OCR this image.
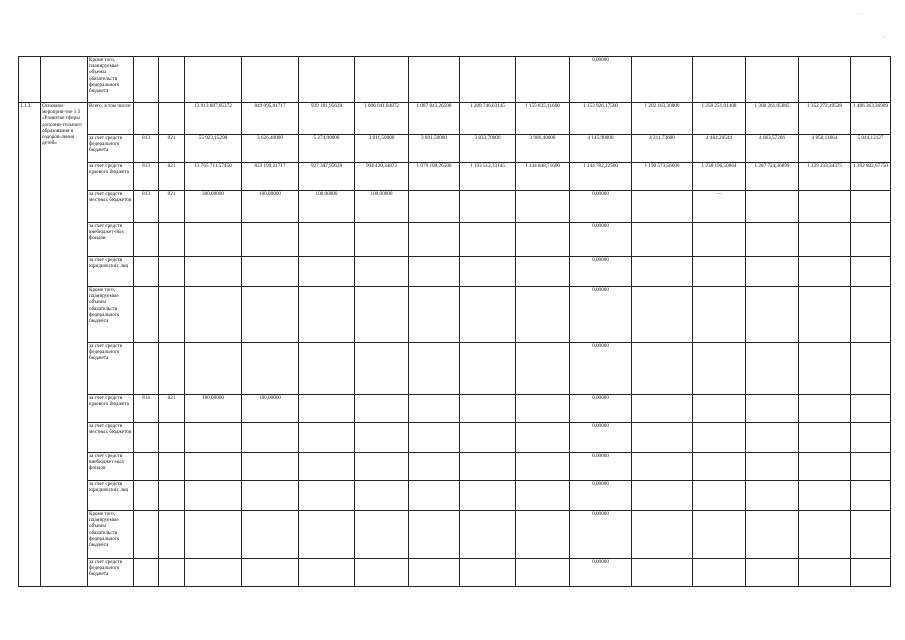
.
'
		Кроме того, планируемые объемы обязательств федерального бюджета										0,00000					
1.1.3.	Основное мероприя-тие 1.3 «Развитие сферы дополни-тельного образования и оздоров-ления детей»	Всего, в том числе:			13 913 087,05372	849 095,01717	939 181,95628	1 006 041,84872	1 087 843,26500	1 208 746,03145	1 155 835,11600	1 153 926,17500	1 202 163,30000	1 250 251,01408	1 300 261,05085	1 352 272,49528	1 406 363,36909
		за счет средств федерального бюджета	813	021	55 923,15298	3 626,40000	5 274,00000	3 811,50000	3 801,50000	3 833,70000	3 986,40000	4 145,90000	4 311,73600	4 484,20544	4 663,57266	4 850,11664	5 044,12127
		за счет средств краевого бюджета	813	021	13 765 711,57450	833 199,21717	927 307,95628	904 420,34872	1 079 100,26500	1 193 512,33145	1 144 848,71600	1 144 782,22500	1 190 573,56600	1 238 196,50864	1 287 724,36899	1 339 233,34375	1 392 802,67750
		за счет средств местных бюджетов	813	021	300,00000	100,00000	100,00000	100,00000				0,00000		—			
		за счет средств внебюджет-ных фондов										0,00000					
		за счет средств юридических лиц										0,00000					
		Кроме того, планируемые объемы обязательств федерального бюджета										0,00000					
		за счет средств федерального бюджета										0,00000					
		за счет средств краевого бюджета	814	021	100,00000	100,00000						0,00000					
		за счет средств местных бюджетов										0,00000					
		за счет средств внебюджет-ных фондов										0,00000					
		за счет средств юридических лиц										0,00000					
		Кроме того, планируемые объемы обязательств федерального бюджета										0,00000					
		за счет средств федерального бюджета										0,00000					
